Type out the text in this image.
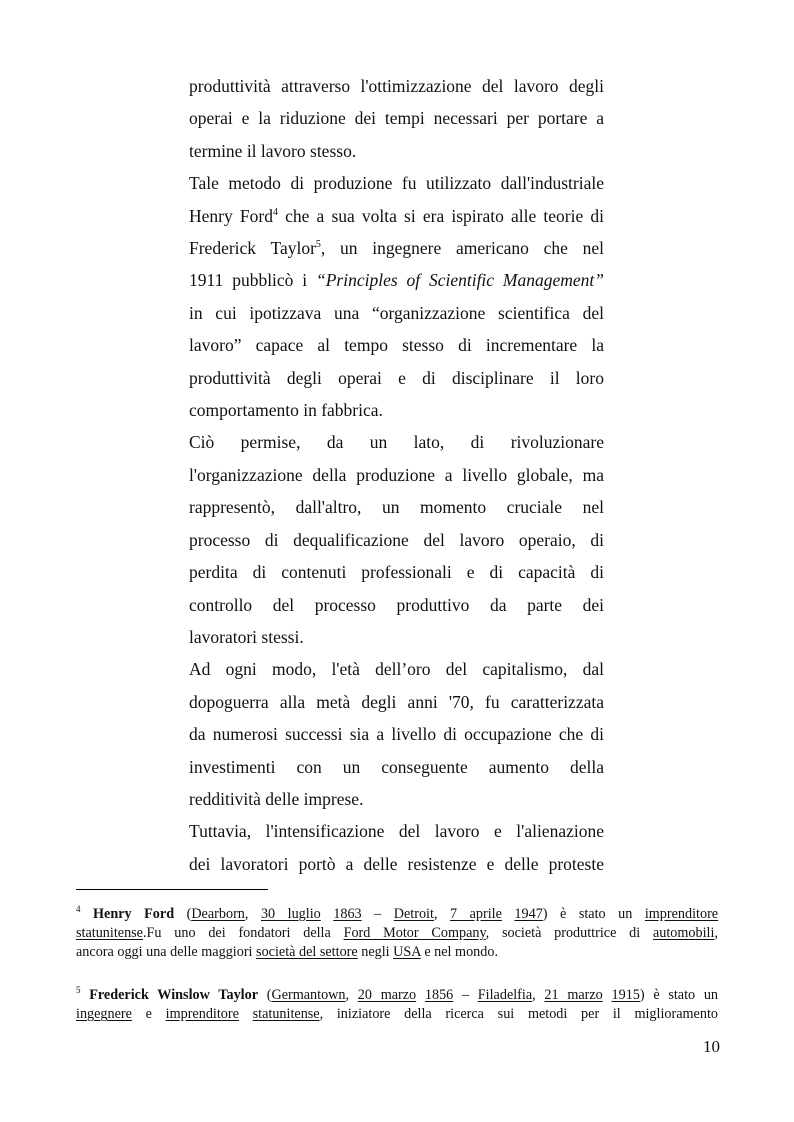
produttività attraverso l'ottimizzazione del lavoro degli
operai e la riduzione dei tempi necessari per portare a
termine il lavoro stesso.

Tale metodo di produzione fu utilizzato dall'industriale
Henry Ford$^4$ che a sua volta si era ispirato alle teorie di
Frederick Taylor$^5$, un ingegnere americano che nel
1911 pubblicò i “Principles of Scientific Management”
in cui ipotizzava una “organizzazione scientifica del
lavoro” capace al tempo stesso di incrementare la
produttività degli operai e di disciplinare il loro
comportamento in fabbrica.

Ciò permise, da un lato, di rivoluzionare
l'organizzazione della produzione a livello globale, ma
rappresentò, dall'altro, un momento cruciale nel
processo di dequalificazione del lavoro operaio, di
perdita di contenuti professionali e di capacità di
controllo del processo produttivo da parte dei
lavoratori stessi.

Ad ogni modo, l'età dell’oro del capitalismo, dal
dopoguerra alla metà degli anni '70, fu caratterizzata
da numerosi successi sia a livello di occupazione che di
investimenti con un conseguente aumento della
redditività delle imprese.

Tuttavia, l'intensificazione del lavoro e l'alienazione
dei lavoratori portò a delle resistenze e delle proteste

$^4$ Henry Ford (Dearborn, 30 luglio 1863 – Detroit, 7 aprile 1947) è stato un imprenditore
statunitense.Fu uno dei fondatori della Ford Motor Company, società produttrice di automobili,
ancora oggi una delle maggiori società del settore negli USA e nel mondo.
$^5$ Frederick Winslow Taylor (Germantown, 20 marzo 1856 – Filadelfia, 21 marzo 1915) è stato un
ingegnere e imprenditore statunitense, iniziatore della ricerca sui metodi per il miglioramento
10
